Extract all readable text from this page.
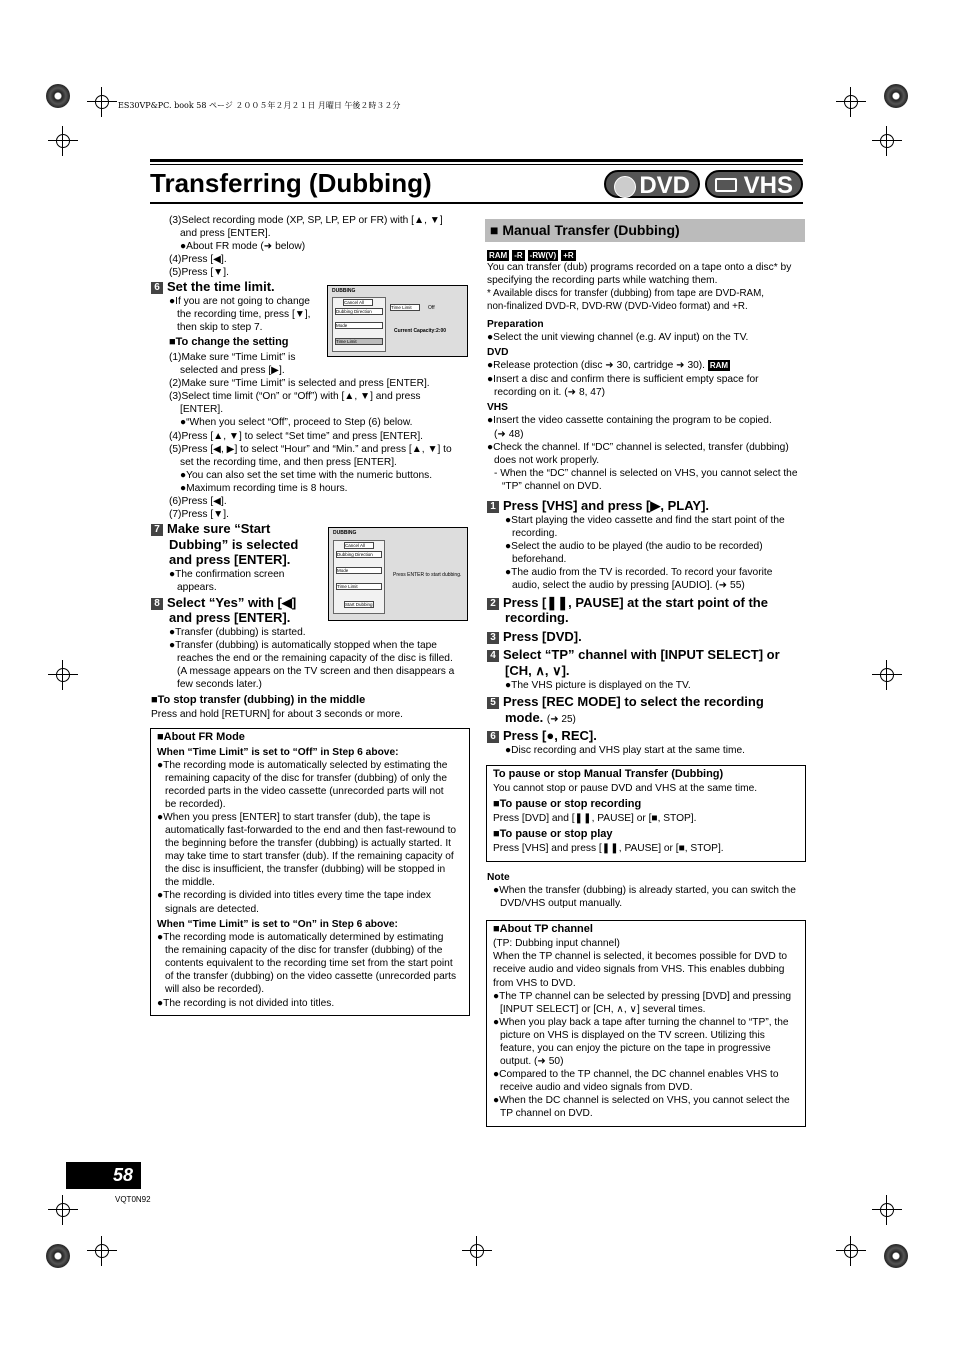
ES30VP&PC. book 58 ページ ２００５年２月２１日 月曜日 午後２時３２分
Transferring (Dubbing)	DVD	VHS
(3)Select recording mode (XP, SP, LP, EP or FR) with [▲, ▼]
and press [ENTER].
●About FR mode (➜ below)
(4)Press [◀].
(5)Press [▼].
6 Set the time limit.
●If you are not going to change
the recording time, press [▼],
then skip to step 7.
■To change the setting
(1)Make sure “Time Limit” is
selected and press [▶].
(2)Make sure “Time Limit” is selected and press [ENTER].
(3)Select time limit (“On” or “Off”) with [▲, ▼] and press
[ENTER].
●“When you select “Off”, proceed to Step (6) below.
(4)Press [▲, ▼] to select “Set time” and press [ENTER].
(5)Press [◀, ▶] to select “Hour” and “Min.” and press [▲, ▼] to
set the recording time, and then press [ENTER].
●You can also set the set time with the numeric buttons.
●Maximum recording time is 8 hours.
(6)Press [◀].
(7)Press [▼].
DUBBING
Cancel All
Dubbing Direction
Mode
Time Limit
Time Limit	Off
Current Capacity: 2:00
7 Make sure “Start
Dubbing” is selected
and press [ENTER].
●The confirmation screen
appears.
DUBBING
Cancel All
Dubbing Direction
Mode
Time Limit
Start Dubbing
Press ENTER to start dubbing.
8 Select “Yes” with [◀]
and press [ENTER].
●Transfer (dubbing) is started.
●Transfer (dubbing) is automatically stopped when the tape
reaches the end or the remaining capacity of the disc is filled.
(A message appears on the TV screen and then disappears a
few seconds later.)
■To stop transfer (dubbing) in the middle
Press and hold [RETURN] for about 3 seconds or more.
■About FR Mode
When “Time Limit” is set to “Off” in Step 6 above:
●The recording mode is automatically selected by estimating the
remaining capacity of the disc for transfer (dubbing) of only the
recorded parts in the video cassette (unrecorded parts will not
be recorded).
●When you press [ENTER] to start transfer (dub), the tape is
automatically fast-forwarded to the end and then fast-rewound to
the beginning before the transfer (dubbing) is actually started. It
may take time to start transfer (dub). If the remaining capacity of
the disc is insufficient, the transfer (dubbing) will be stopped in
the middle.
●The recording is divided into titles every time the tape index
signals are detected.
When “Time Limit” is set to “On” in Step 6 above:
●The recording mode is automatically determined by estimating
the remaining capacity of the disc for transfer (dubbing) of the
contents equivalent to the recording time set from the start point
of the transfer (dubbing) on the video cassette (unrecorded parts
will also be recorded).
●The recording is not divided into titles.
■ Manual Transfer (Dubbing)
RAM -R -RW(V) +R
You can transfer (dub) programs recorded on a tape onto a disc* by
specifying the recording parts while watching them.
* Available discs for transfer (dubbing) from tape are DVD-RAM,
non-finalized DVD-R, DVD-RW (DVD-Video format) and +R.
Preparation
●Select the unit viewing channel (e.g. AV input) on the TV.
DVD
●Release protection (disc ➜ 30, cartridge ➜ 30). RAM
●Insert a disc and confirm there is sufficient empty space for
recording on it. (➜ 8, 47)
VHS
●Insert the video cassette containing the program to be copied.
(➜ 48)
●Check the channel. If “DC” channel is selected, transfer (dubbing)
does not work properly.
- When the “DC” channel is selected on VHS, you cannot select the
“TP” channel on DVD.
1 Press [VHS] and press [▶, PLAY].
●Start playing the video cassette and find the start point of the
recording.
●Select the audio to be played (the audio to be recorded)
beforehand.
●The audio from the TV is recorded. To record your favorite
audio, select the audio by pressing [AUDIO]. (➜ 55)
2 Press [❚❚, PAUSE] at the start point of the
recording.
3 Press [DVD].
4 Select “TP” channel with [INPUT SELECT] or
[CH, ∧, ∨].
●The VHS picture is displayed on the TV.
5 Press [REC MODE] to select the recording
mode. (➜ 25)
6 Press [●, REC].
●Disc recording and VHS play start at the same time.
To pause or stop Manual Transfer (Dubbing)
You cannot stop or pause DVD and VHS at the same time.
■To pause or stop recording
Press [DVD] and [❚❚, PAUSE] or [■, STOP].
■To pause or stop play
Press [VHS] and press [❚❚, PAUSE] or [■, STOP].
Note
●When the transfer (dubbing) is already started, you can switch the
DVD/VHS output manually.
■About TP channel
(TP: Dubbing input channel)
When the TP channel is selected, it becomes possible for DVD to
receive audio and video signals from VHS. This enables dubbing
from VHS to DVD.
●The TP channel can be selected by pressing [DVD] and pressing
[INPUT SELECT] or [CH, ∧, ∨] several times.
●When you play back a tape after turning the channel to “TP”, the
picture on VHS is displayed on the TV screen. Utilizing this
feature, you can enjoy the picture on the tape in progressive
output. (➜ 50)
●Compared to the TP channel, the DC channel enables VHS to
receive audio and video signals from DVD.
●When the DC channel is selected on VHS, you cannot select the
TP channel on DVD.
58
VQT0N92
